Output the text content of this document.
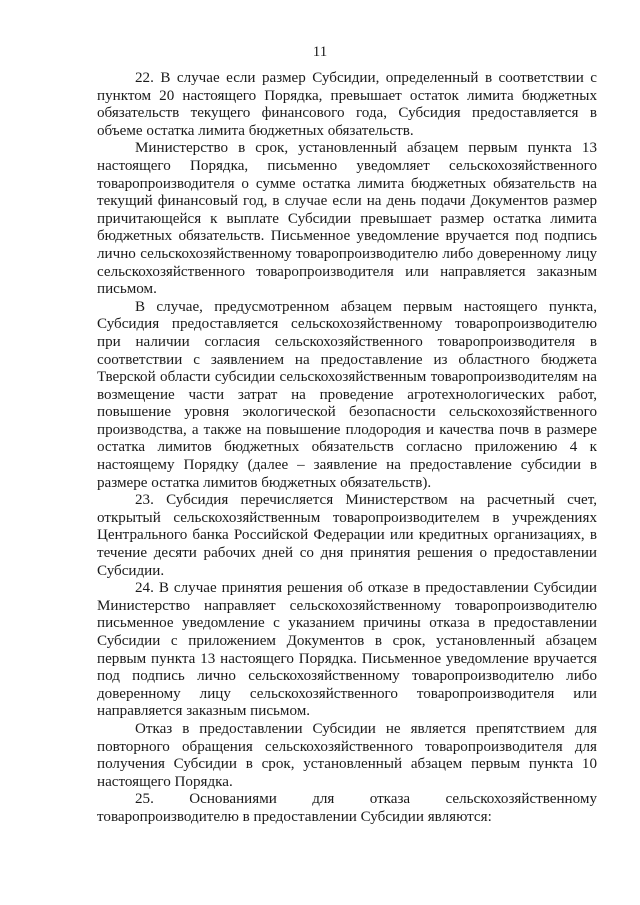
11

22. В случае если размер Субсидии, определенный в соответствии с пунктом 20 настоящего Порядка, превышает остаток лимита бюджетных обязательств текущего финансового года, Субсидия предоставляется в объеме остатка лимита бюджетных обязательств.

Министерство в срок, установленный абзацем первым пункта 13 настоящего Порядка, письменно уведомляет сельскохозяйственного товаропроизводителя о сумме остатка лимита бюджетных обязательств на текущий финансовый год, в случае если на день подачи Документов размер причитающейся к выплате Субсидии превышает размер остатка лимита бюджетных обязательств. Письменное уведомление вручается под подпись лично сельскохозяйственному товаропроизводителю либо доверенному лицу сельскохозяйственного товаропроизводителя или направляется заказным письмом.

В случае, предусмотренном абзацем первым настоящего пункта, Субсидия предоставляется сельскохозяйственному товаропроизводителю при наличии согласия сельскохозяйственного товаропроизводителя в соответствии с заявлением на предоставление из областного бюджета Тверской области субсидии сельскохозяйственным товаропроизводителям на возмещение части затрат на проведение агротехнологических работ, повышение уровня экологической безопасности сельскохозяйственного производства, а также на повышение плодородия и качества почв в размере остатка лимитов бюджетных обязательств согласно приложению 4 к настоящему Порядку (далее – заявление на предоставление субсидии в размере остатка лимитов бюджетных обязательств).

23. Субсидия перечисляется Министерством на расчетный счет, открытый сельскохозяйственным товаропроизводителем в учреждениях Центрального банка Российской Федерации или кредитных организациях, в течение десяти рабочих дней со дня принятия решения о предоставлении Субсидии.

24. В случае принятия решения об отказе в предоставлении Субсидии Министерство направляет сельскохозяйственному товаропроизводителю письменное уведомление с указанием причины отказа в предоставлении Субсидии с приложением Документов в срок, установленный абзацем первым пункта 13 настоящего Порядка. Письменное уведомление вручается под подпись лично сельскохозяйственному товаропроизводителю либо доверенному лицу сельскохозяйственного товаропроизводителя или направляется заказным письмом.

Отказ в предоставлении Субсидии не является препятствием для повторного обращения сельскохозяйственного товаропроизводителя для получения Субсидии в срок, установленный абзацем первым пункта 10 настоящего Порядка.

25. Основаниями для отказа сельскохозяйственному товаропроизводителю в предоставлении Субсидии являются:
